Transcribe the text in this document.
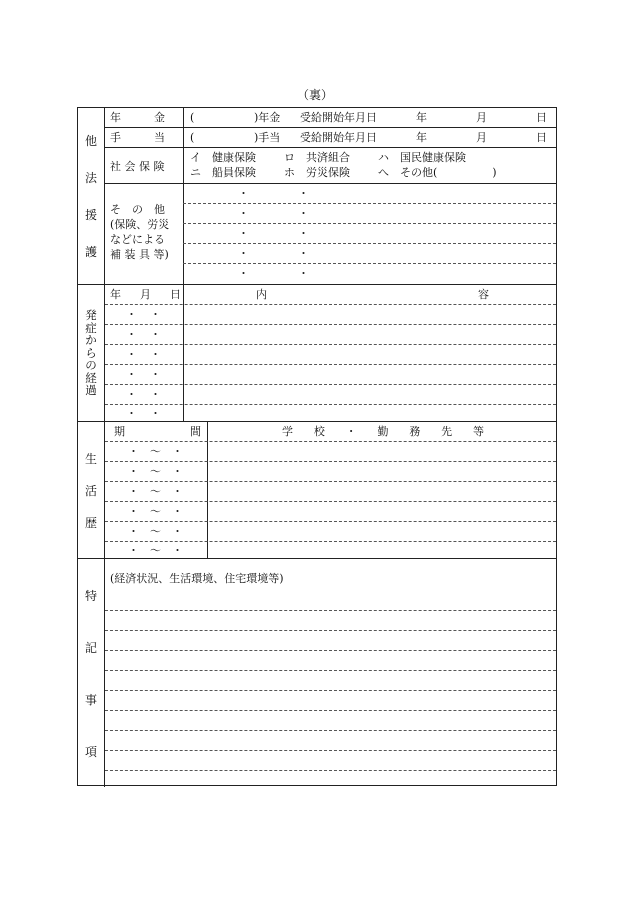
（裏）
他
法
援
護
年　　　金	(	)年金 受給開始年月日	年	月	日
手　　　当 (	)手当 受給開始年月日	年	月	日
社 会 保 険
イ　健康保険	ロ　共済組合	ハ　国民健康保険
ニ　船員保険	ホ　労災保険	へ　その他(　　　　　)
そ　の　他
(保険、労災
などによる
補 装 具 等)
・	・
・	・
・	・
・	・
・	・
発
症
か
ら
の
経
過
年 月 日	内	容
・ ・
・ ・
・ ・
・ ・
・ ・
・ ・
生
活
歴
期	間	学 校 ・ 勤 務 先 等
・　〜　・
・　〜　・
・　〜　・
・　〜　・
・　〜　・
・　〜　・
特
記
事
項
(経済状況、生活環境、住宅環境等)
